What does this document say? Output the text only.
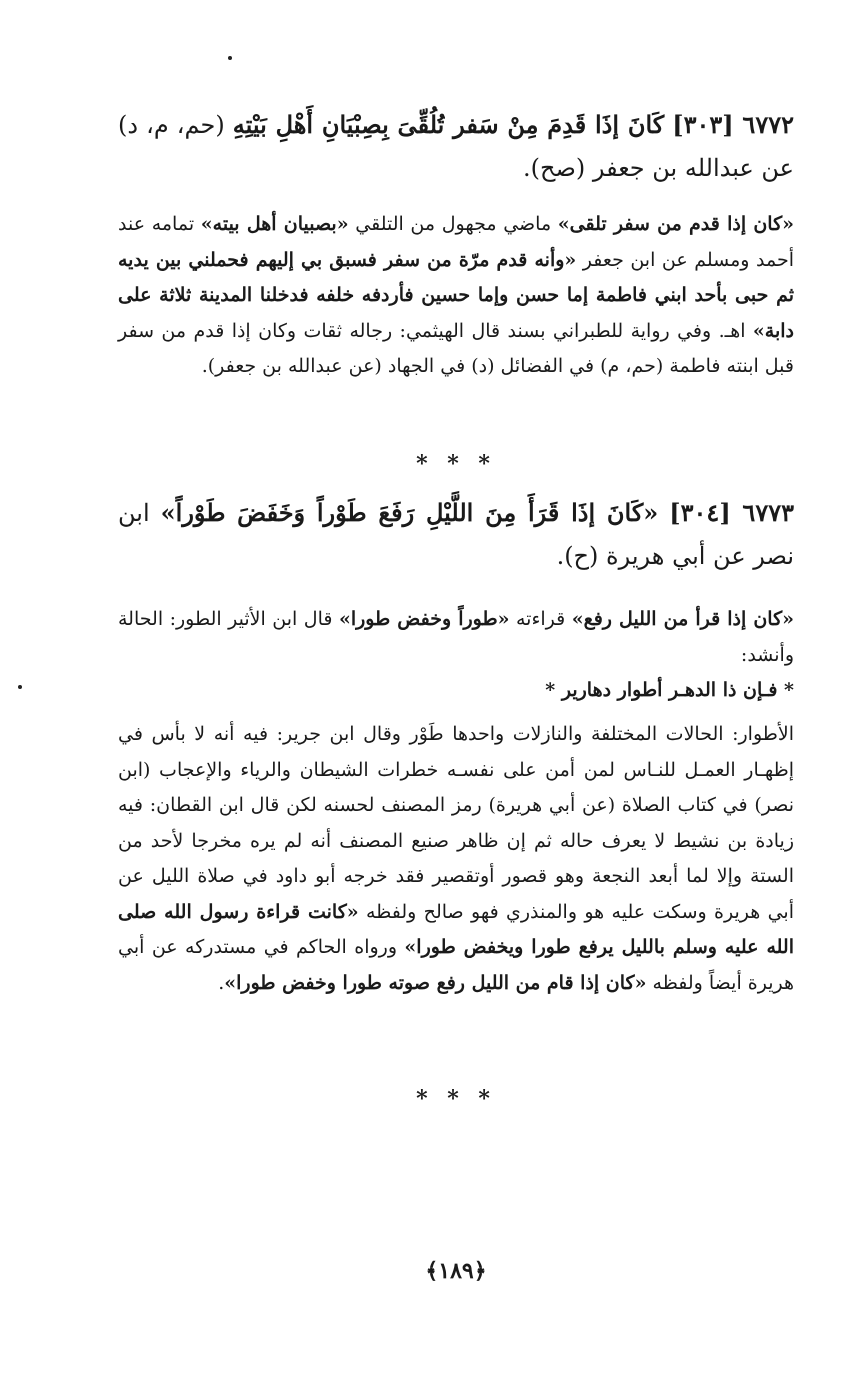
٦٧٧٢ [٣٠٣] كَانَ إذَا قَدِمَ مِنْ سَفر تُلُقِّىَ بِصِبْيَانِ أَهْلِ بَيْتِهِ (حم، م، د) عن عبدالله بن جعفر (صح).
«كان إذا قدم من سفر تلقى» ماضي مجهول من التلقي «بصبيان أهل بيته» تمامه عند أحمد ومسلم عن ابن جعفر «وأنه قدم مرّة من سفر فسبق بي إليهم فحملني بين يديه ثم حبى بأحد ابني فاطمة إما حسن وإما حسين فأردفه خلفه فدخلنا المدينة ثلاثة على دابة» اهـ. وفي رواية للطبراني بسند قال الهيثمي: رجاله ثقات وكان إذا قدم من سفر قبل ابنته فاطمة (حم، م) في الفضائل (د) في الجهاد (عن عبدالله بن جعفر).
* * *
٦٧٧٣ [٣٠٤] «كَانَ إذَا قَرَأَ مِنَ اللَّيْلِ رَفَعَ طَوْراً وَخَفَضَ طَوْراً» ابن نصر عن أبي هريرة (ح).
«كان إذا قرأ من الليل رفع» قراءته «طوراً وخفض طورا» قال ابن الأثير الطور: الحالة وأنشد:
* فـإن ذا الدهـر أطوار دهارير *
الأطوار: الحالات المختلفة والنازلات واحدها طَوْر وقال ابن جرير: فيه أنه لا بأس في إظهـار العمـل للنـاس لمن أمن على نفسـه خطرات الشيطان والرياء والإعجاب (ابن نصر) في كتاب الصلاة (عن أبي هريرة) رمز المصنف لحسنه لكن قال ابن القطان: فيه زيادة بن نشيط لا يعرف حاله ثم إن ظاهر صنيع المصنف أنه لم يره مخرجا لأحد من الستة وإلا لما أبعد النجعة وهو قصور أوتقصير فقد خرجه أبو داود في صلاة الليل عن أبي هريرة وسكت عليه هو والمنذري فهو صالح ولفظه «كانت قراءة رسول الله صلى الله عليه وسلم بالليل يرفع طورا ويخفض طورا» ورواه الحاكم في مستدركه عن أبي هريرة أيضاً ولفظه «كان إذا قام من الليل رفع صوته طورا وخفض طورا».
* * *
﴿١٨٩﴾
